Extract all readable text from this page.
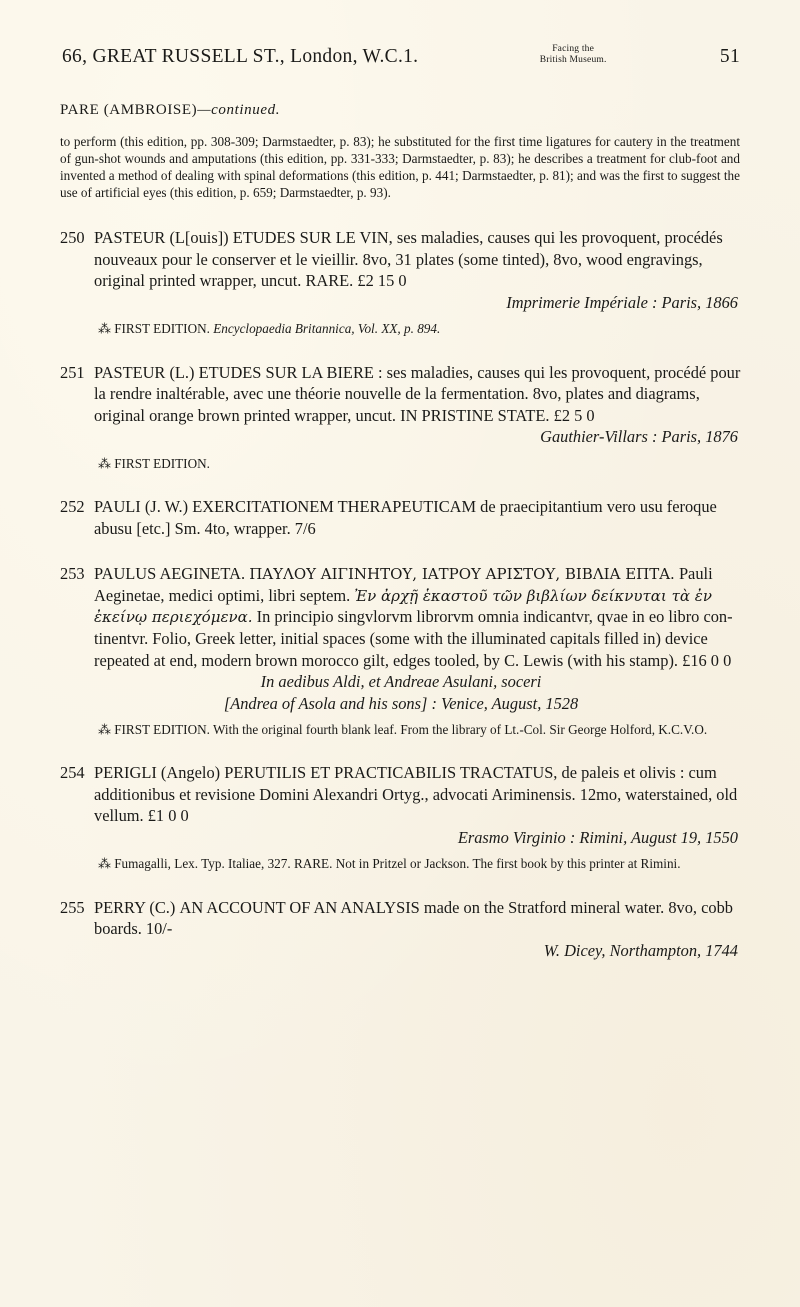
66, GREAT RUSSELL ST., London, W.C.1.	Facing the
British Museum.	51
PARE (AMBROISE)—continued.
to perform (this edition, pp. 308-309; Darmstaedter, p. 83); he substituted for the first time ligatures for cautery in the treatment of gun-shot wounds and amputations (this edition, pp. 331-333; Darmstaedter, p. 83); he describes a treatment for club-foot and invented a method of dealing with spinal deformations (this edition, p. 441; Darmstaedter, p. 81); and was the first to suggest the use of artificial eyes (this edition, p. 659; Darmstaedter, p. 93).
250 PASTEUR (L[ouis]) ETUDES SUR LE VIN, ses maladies, causes qui les provoquent, procédés nouveaux pour le conserver et le vieillir. 8vo, 31 plates (some tinted), 8vo, wood engravings, original printed wrapper, uncut. RARE. £2 15 0
Imprimerie Impériale : Paris, 1866
⁂ FIRST EDITION. Encyclopaedia Britannica, Vol. XX, p. 894.
251 PASTEUR (L.) ETUDES SUR LA BIERE : ses maladies, causes qui les provoquent, procédé pour la rendre inaltérable, avec une théorie nouvelle de la fermentation. 8vo, plates and diagrams, original orange brown printed wrapper, uncut. IN PRISTINE STATE. £2 5 0
Gauthier-Villars : Paris, 1876
⁂ FIRST EDITION.
252 PAULI (J. W.) EXERCITATIONEM THERAPEUTICAM de praecipitantium vero usu feroque abusu [etc.] Sm. 4to, wrapper. 7/6
253 PAULUS AEGINETA. ΠΑΥΛΟΥ ΑΙΓΙΝΗΤΟΥ, ΙΑΤΡΟΥ ΑΡΙΣΤΟΥ, ΒΙΒΛΙΑ ΕΠΤΑ. Pauli Aeginetae, medici optimi, libri septem. Ἐν ἀρχῇ ἑκαστοῦ τῶν βιβλίων δείκνυται τὰ ἐν ἐκείνῳ περιεχόμενα. In principio singvlorvm librorvm omnia indicantvr, qvae in eo libro continentvr. Folio, Greek letter, initial spaces (some with the illuminated capitals filled in) device repeated at end, modern brown morocco gilt, edges tooled, by C. Lewis (with his stamp). £16 0 0
In aedibus Aldi, et Andreae Asulani, soceri
[Andrea of Asola and his sons] : Venice, August, 1528
⁂ FIRST EDITION. With the original fourth blank leaf. From the library of Lt.-Col. Sir George Holford, K.C.V.O.
254 PERIGLI (Angelo) PERUTILIS ET PRACTICABILIS TRACTATUS, de paleis et olivis : cum additionibus et revisione Domini Alexandri Ortyg., advocati Ariminensis. 12mo, waterstained, old vellum. £1 0 0
Erasmo Virginio : Rimini, August 19, 1550
⁂ Fumagalli, Lex. Typ. Italiae, 327. RARE. Not in Pritzel or Jackson. The first book by this printer at Rimini.
255 PERRY (C.) AN ACCOUNT OF AN ANALYSIS made on the Stratford mineral water. 8vo, cobb boards. 10/-
W. Dicey, Northampton, 1744
